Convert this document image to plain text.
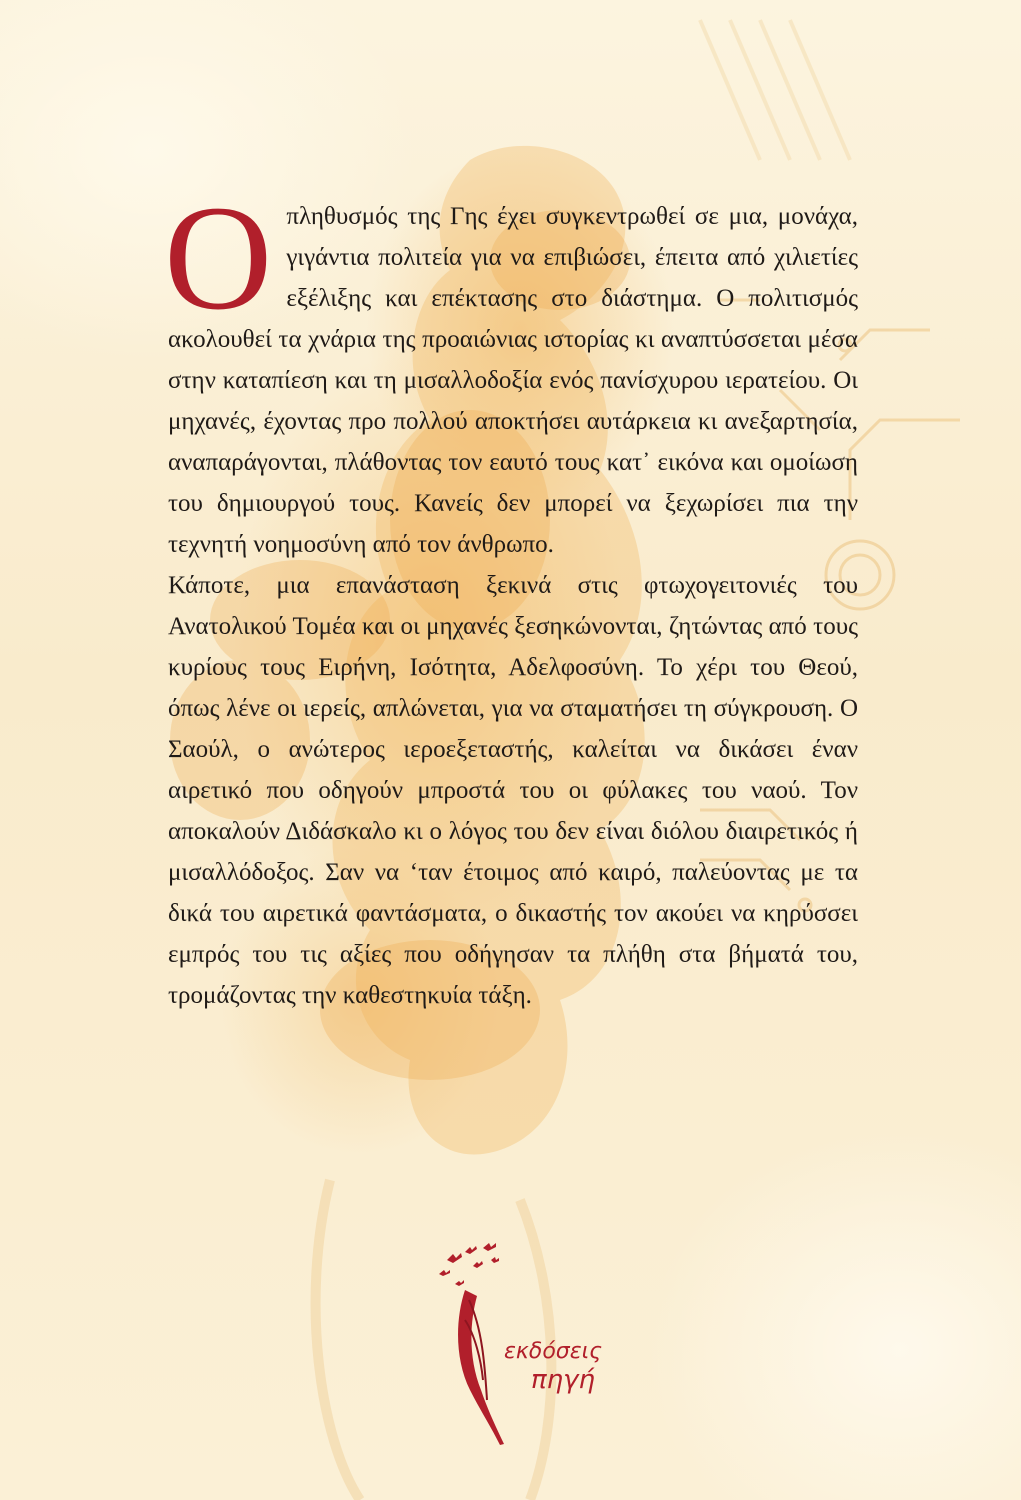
Οπληθυσμός της Γης έχει συγκεντρωθεί σε μια, μονάχα, γιγάντια πολιτεία για να επιβιώσει, έπειτα από χιλιετίες εξέλιξης και επέκτασης στο διάστημα. Ο πολιτισμός ακολουθεί τα χνάρια της προαιώνιας ιστορίας κι αναπτύσσεται μέσα στην καταπίεση και τη μισαλλοδοξία ενός πανίσχυρου ιερατείου. Οι μηχανές, έχοντας προ πολλού αποκτήσει αυτάρκεια κι ανεξαρτησία, αναπαράγονται, πλάθοντας τον εαυτό τους κατ᾿ εικόνα και ομοίωση του δημιουργού τους. Κανείς δεν μπορεί να ξεχωρίσει πια την τεχνητή νοημοσύνη από τον άνθρωπο.

Κάποτε, μια επανάσταση ξεκινά στις φτωχογειτονιές του Ανατολικού Τομέα και οι μηχανές ξεσηκώνονται, ζητώντας από τους κυρίους τους Ειρήνη, Ισότητα, Αδελφοσύνη. Το χέρι του Θεού, όπως λένε οι ιερείς, απλώνεται, για να σταματήσει τη σύγκρουση. Ο Σαούλ, ο ανώτερος ιεροεξεταστής, καλείται να δικάσει έναν αιρετικό που οδηγούν μπροστά του οι φύλακες του ναού. Τον αποκαλούν Διδάσκαλο κι ο λόγος του δεν είναι διόλου διαιρετικός ή μισαλλόδοξος. Σαν να ‘ταν έτοιμος από καιρό, παλεύοντας με τα δικά του αιρετικά φαντάσματα, ο δικαστής τον ακούει να κηρύσσει εμπρός του τις αξίες που οδήγησαν τα πλήθη στα βήματά του, τρομάζοντας την καθεστηκυία τάξη.

εκδόσεις
πηγή
